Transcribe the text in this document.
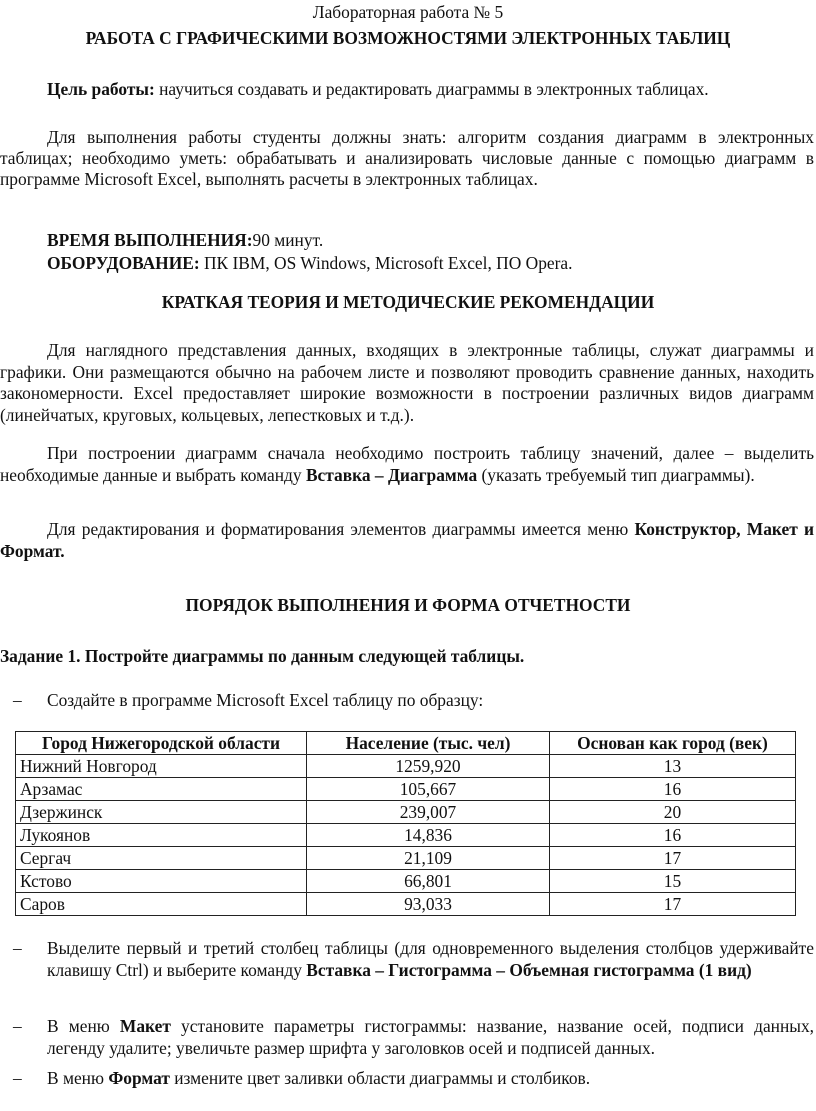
Лабораторная работа № 5
РАБОТА С ГРАФИЧЕСКИМИ ВОЗМОЖНОСТЯМИ ЭЛЕКТРОННЫХ ТАБЛИЦ
Цель работы: научиться создавать и редактировать диаграммы в электронных таблицах.
Для выполнения работы студенты должны знать: алгоритм создания диаграмм в электронных таблицах; необходимо уметь: обрабатывать и анализировать числовые данные с помощью диаграмм в программе Microsoft Excel, выполнять расчеты в электронных таблицах.
ВРЕМЯ ВЫПОЛНЕНИЯ:90 минут.
ОБОРУДОВАНИЕ: ПК IBM, OS Windows, Microsoft Excel, ПО Opera.
КРАТКАЯ ТЕОРИЯ И МЕТОДИЧЕСКИЕ РЕКОМЕНДАЦИИ
Для наглядного представления данных, входящих в электронные таблицы, служат диаграммы и графики. Они размещаются обычно на рабочем листе и позволяют проводить сравнение данных, находить закономерности. Excel предоставляет широкие возможности в построении различных видов диаграмм (линейчатых, круговых, кольцевых, лепестковых и т.д.).
При построении диаграмм сначала необходимо построить таблицу значений, далее – выделить необходимые данные и выбрать команду Вставка – Диаграмма (указать требуемый тип диаграммы).
Для редактирования и форматирования элементов диаграммы имеется меню Конструктор, Макет и Формат.
ПОРЯДОК ВЫПОЛНЕНИЯ И ФОРМА ОТЧЕТНОСТИ
Задание 1. Постройте диаграммы по данным следующей таблицы.
– Создайте в программе Microsoft Excel таблицу по образцу:
Город Нижегородской области	Население (тыс. чел)	Основан как город (век)
Нижний Новгород	1259,920	13
Арзамас	105,667	16
Дзержинск	239,007	20
Лукоянов	14,836	16
Сергач	21,109	17
Кстово	66,801	15
Саров	93,033	17
– Выделите первый и третий столбец таблицы (для одновременного выделения столбцов удерживайте клавишу Ctrl) и выберите команду Вставка – Гистограмма – Объемная гистограмма (1 вид)
– В меню Макет установите параметры гистограммы: название, название осей, подписи данных, легенду удалите; увеличьте размер шрифта у заголовков осей и подписей данных.
– В меню Формат измените цвет заливки области диаграммы и столбиков.
